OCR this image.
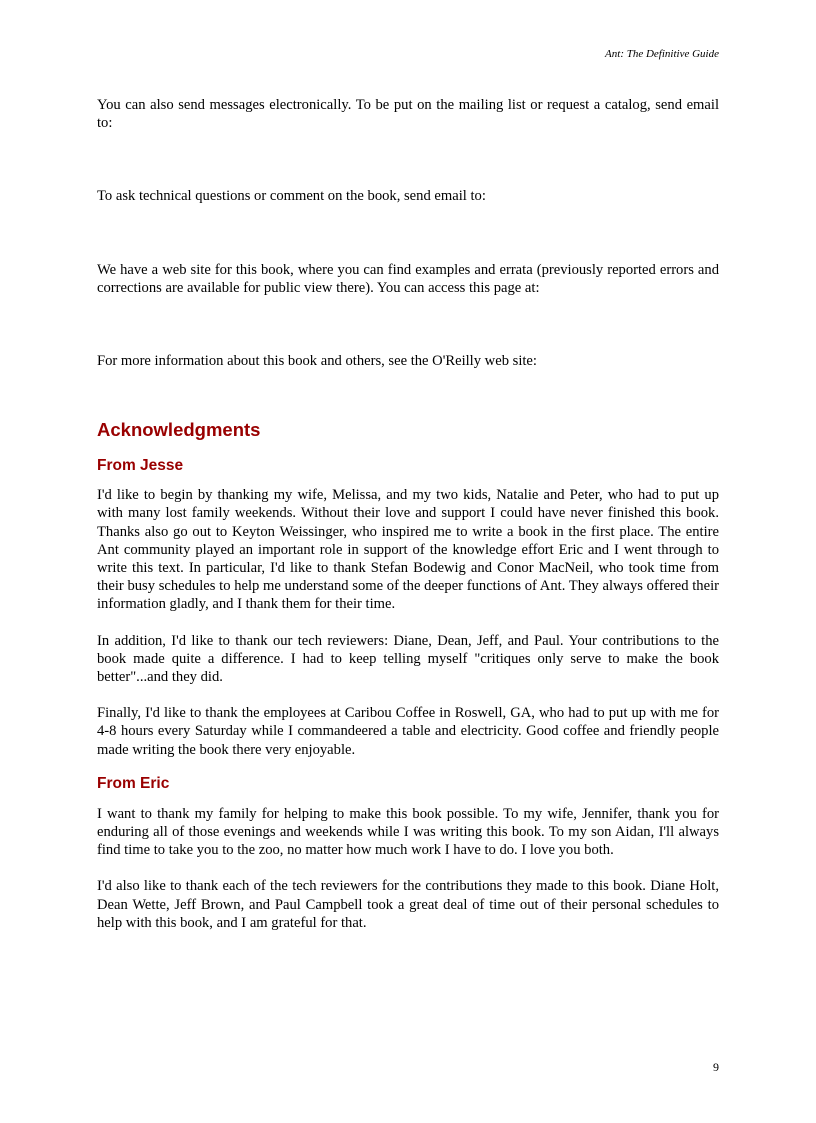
Ant: The Definitive Guide

You can also send messages electronically. To be put on the mailing list or request a catalog, send email to:

To ask technical questions or comment on the book, send email to:

We have a web site for this book, where you can find examples and errata (previously reported errors and corrections are available for public view there). You can access this page at:

For more information about this book and others, see the O'Reilly web site:

Acknowledgments
From Jesse

I'd like to begin by thanking my wife, Melissa, and my two kids, Natalie and Peter, who had to put up with many lost family weekends. Without their love and support I could have never finished this book. Thanks also go out to Keyton Weissinger, who inspired me to write a book in the first place. The entire Ant community played an important role in support of the knowledge effort Eric and I went through to write this text. In particular, I'd like to thank Stefan Bodewig and Conor MacNeil, who took time from their busy schedules to help me understand some of the deeper functions of Ant. They always offered their information gladly, and I thank them for their time.

In addition, I'd like to thank our tech reviewers: Diane, Dean, Jeff, and Paul. Your contributions to the book made quite a difference. I had to keep telling myself "critiques only serve to make the book better"...and they did.

Finally, I'd like to thank the employees at Caribou Coffee in Roswell, GA, who had to put up with me for 4-8 hours every Saturday while I commandeered a table and electricity. Good coffee and friendly people made writing the book there very enjoyable.

From Eric

I want to thank my family for helping to make this book possible. To my wife, Jennifer, thank you for enduring all of those evenings and weekends while I was writing this book. To my son Aidan, I'll always find time to take you to the zoo, no matter how much work I have to do. I love you both.

I'd also like to thank each of the tech reviewers for the contributions they made to this book. Diane Holt, Dean Wette, Jeff Brown, and Paul Campbell took a great deal of time out of their personal schedules to help with this book, and I am grateful for that.

9
